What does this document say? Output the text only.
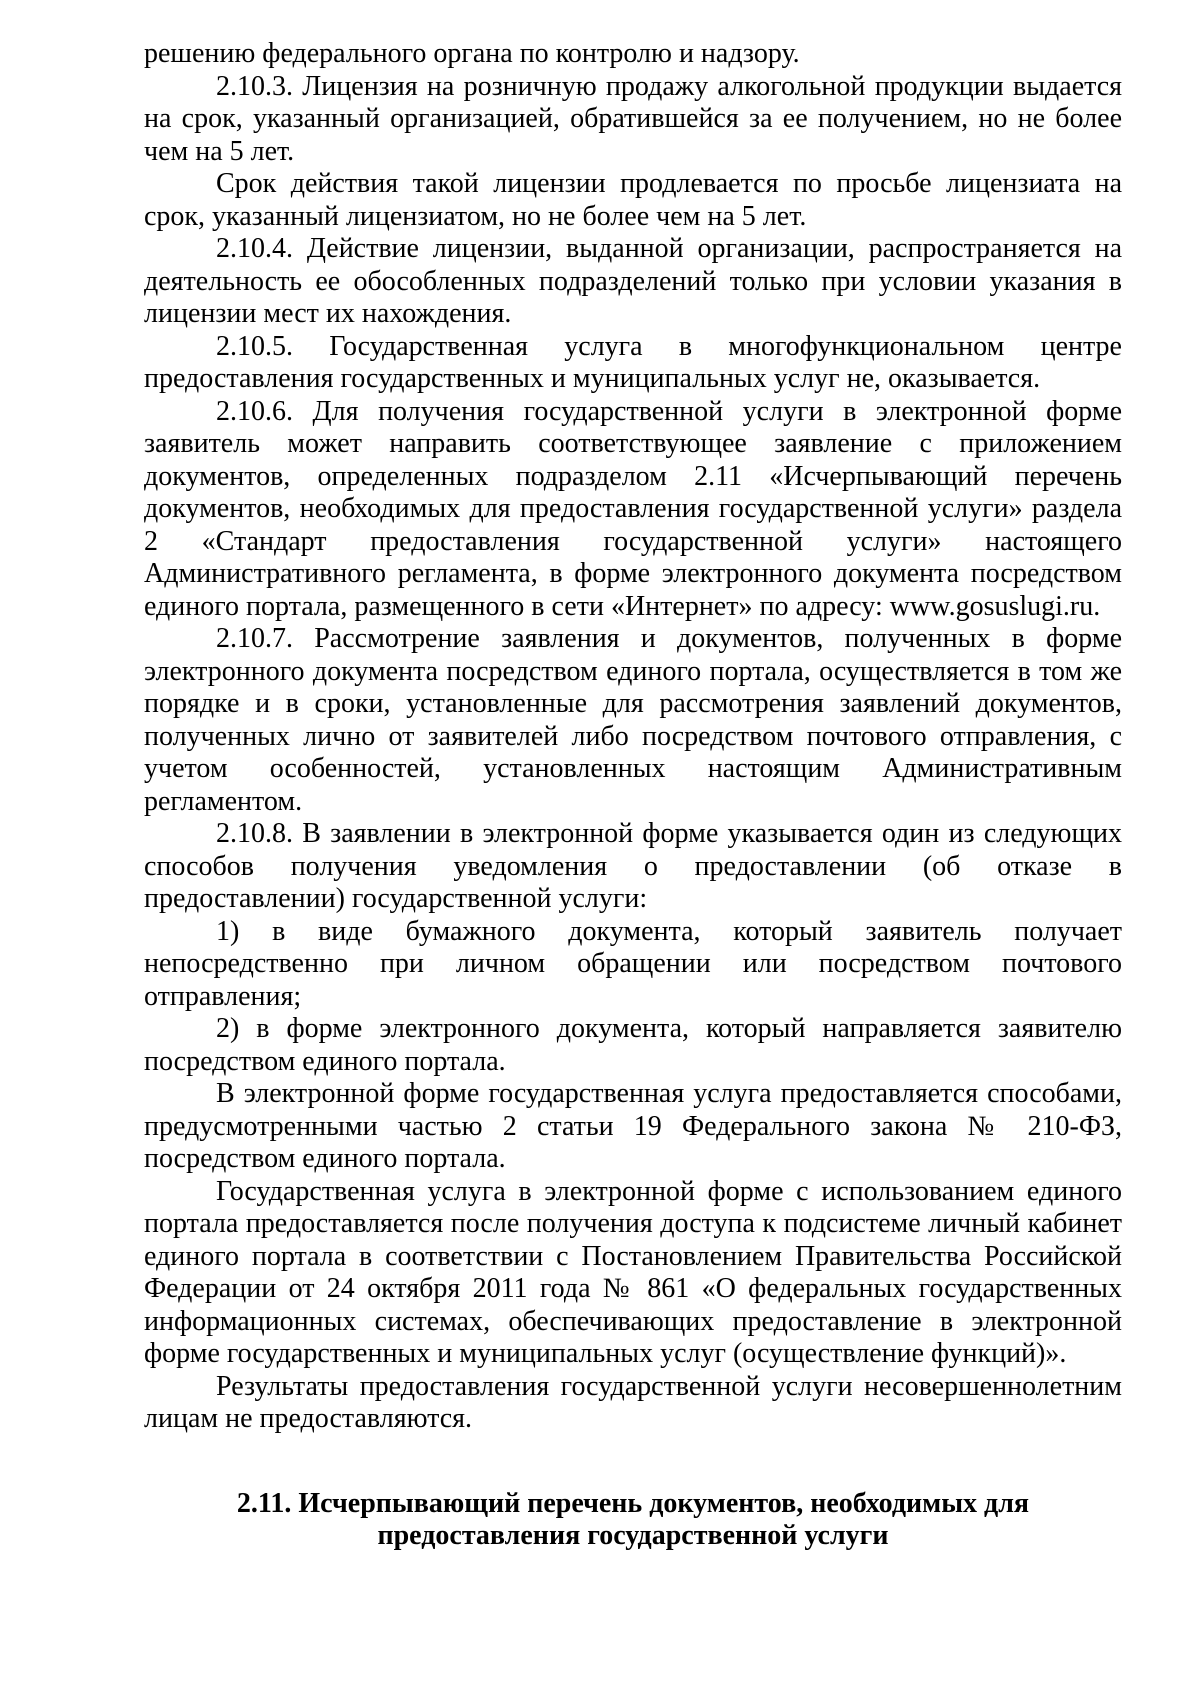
решению федерального органа по контролю и надзору.

2.10.3. Лицензия на розничную продажу алкогольной продукции выдается на срок, указанный организацией, обратившейся за ее получением, но не более чем на 5 лет.

Срок действия такой лицензии продлевается по просьбе лицензиата на срок, указанный лицензиатом, но не более чем на 5 лет.

2.10.4. Действие лицензии, выданной организации, распространяется на деятельность ее обособленных подразделений только при условии указания в лицензии мест их нахождения.

2.10.5. Государственная услуга в многофункциональном центре предоставления государственных и муниципальных услуг не, оказывается.

2.10.6. Для получения государственной услуги в электронной форме заявитель может направить соответствующее заявление с приложением документов, определенных подразделом 2.11 «Исчерпывающий перечень документов, необходимых для предоставления государственной услуги» раздела 2 «Стандарт предоставления государственной услуги» настоящего Административного регламента, в форме электронного документа посредством единого портала, размещенного в сети «Интернет» по адресу: www.gosuslugi.ru.

2.10.7. Рассмотрение заявления и документов, полученных в форме электронного документа посредством единого портала, осуществляется в том же порядке и в сроки, установленные для рассмотрения заявлений документов, полученных лично от заявителей либо посредством почтового отправления, с учетом особенностей, установленных настоящим Административным регламентом.

2.10.8. В заявлении в электронной форме указывается один из следующих способов получения уведомления о предоставлении (об отказе в предоставлении) государственной услуги:

1) в виде бумажного документа, который заявитель получает непосредственно при личном обращении или посредством почтового отправления;

2) в форме электронного документа, который направляется заявителю посредством единого портала.

В электронной форме государственная услуга предоставляется способами, предусмотренными частью 2 статьи 19 Федерального закона № 210-ФЗ, посредством единого портала.

Государственная услуга в электронной форме с использованием единого портала предоставляется после получения доступа к подсистеме личный кабинет единого портала в соответствии с Постановлением Правительства Российской Федерации от 24 октября 2011 года № 861 «О федеральных государственных информационных системах, обеспечивающих предоставление в электронной форме государственных и муниципальных услуг (осуществление функций)».

Результаты предоставления государственной услуги несовершеннолетним лицам не предоставляются.

2.11. Исчерпывающий перечень документов, необходимых для
предоставления государственной услуги
